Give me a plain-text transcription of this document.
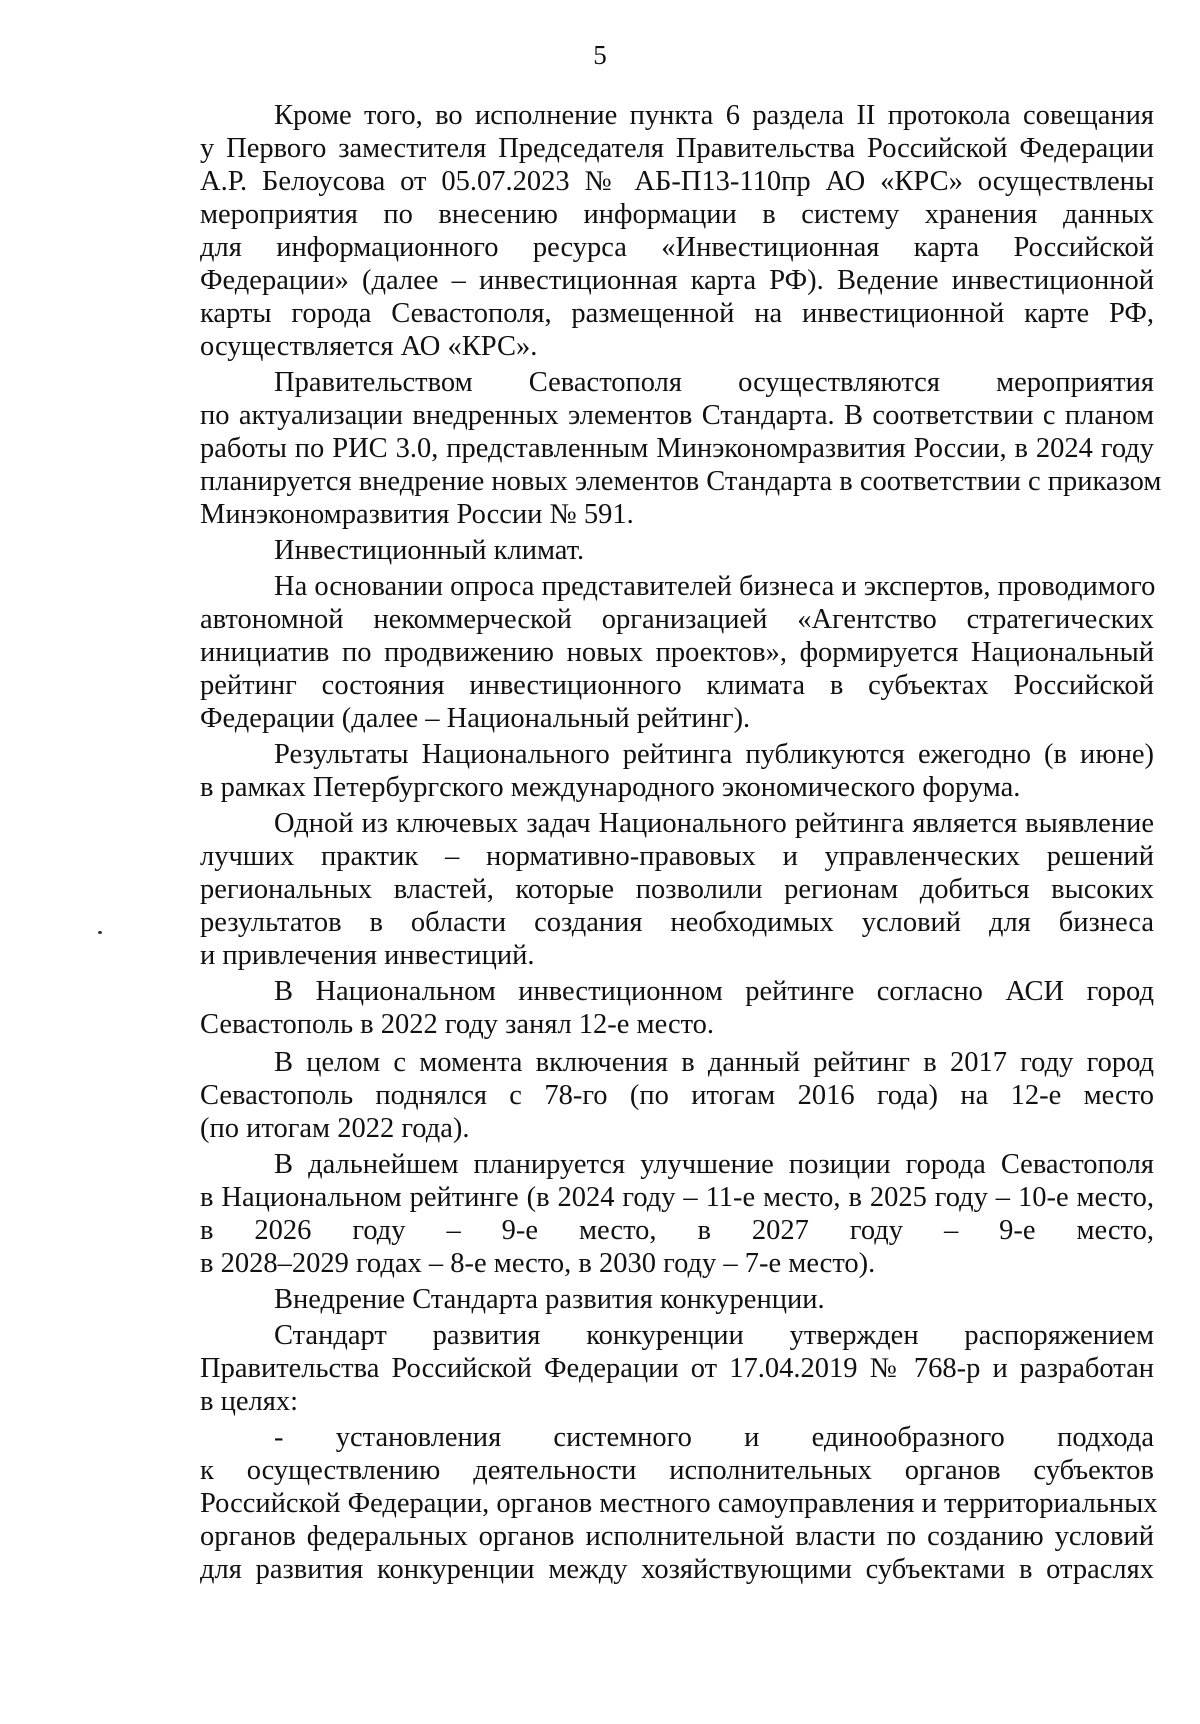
5
Кроме того, во исполнение пункта 6 раздела II протокола совещания
у Первого заместителя Председателя Правительства Российской Федерации
А.Р. Белоусова от 05.07.2023 № АБ-П13-110пр АО «КРС» осуществлены
мероприятия по внесению информации в систему хранения данных
для информационного ресурса «Инвестиционная карта Российской
Федерации» (далее – инвестиционная карта РФ). Ведение инвестиционной
карты города Севастополя, размещенной на инвестиционной карте РФ,
осуществляется АО «КРС».
Правительством Севастополя осуществляются мероприятия
по актуализации внедренных элементов Стандарта. В соответствии с планом
работы по РИС 3.0, представленным Минэкономразвития России, в 2024 году
планируется внедрение новых элементов Стандарта в соответствии с приказом
Минэкономразвития России № 591.
Инвестиционный климат.
На основании опроса представителей бизнеса и экспертов, проводимого
автономной некоммерческой организацией «Агентство стратегических
инициатив по продвижению новых проектов», формируется Национальный
рейтинг состояния инвестиционного климата в субъектах Российской
Федерации (далее – Национальный рейтинг).
Результаты Национального рейтинга публикуются ежегодно (в июне)
в рамках Петербургского международного экономического форума.
Одной из ключевых задач Национального рейтинга является выявление
лучших практик – нормативно-правовых и управленческих решений
региональных властей, которые позволили регионам добиться высоких
результатов в области создания необходимых условий для бизнеса
и привлечения инвестиций.
В Национальном инвестиционном рейтинге согласно АСИ город
Севастополь в 2022 году занял 12-е место.
В целом с момента включения в данный рейтинг в 2017 году город
Севастополь поднялся с 78-го (по итогам 2016 года) на 12-е место
(по итогам 2022 года).
В дальнейшем планируется улучшение позиции города Севастополя
в Национальном рейтинге (в 2024 году – 11-е место, в 2025 году – 10-е место,
в 2026 году – 9-е место, в 2027 году – 9-е место,
в 2028–2029 годах – 8-е место, в 2030 году – 7-е место).
Внедрение Стандарта развития конкуренции.
Стандарт развития конкуренции утвержден распоряжением
Правительства Российской Федерации от 17.04.2019 № 768-р и разработан
в целях:
- установления системного и единообразного подхода
к осуществлению деятельности исполнительных органов субъектов
Российской Федерации, органов местного самоуправления и территориальных
органов федеральных органов исполнительной власти по созданию условий
для развития конкуренции между хозяйствующими субъектами в отраслях
